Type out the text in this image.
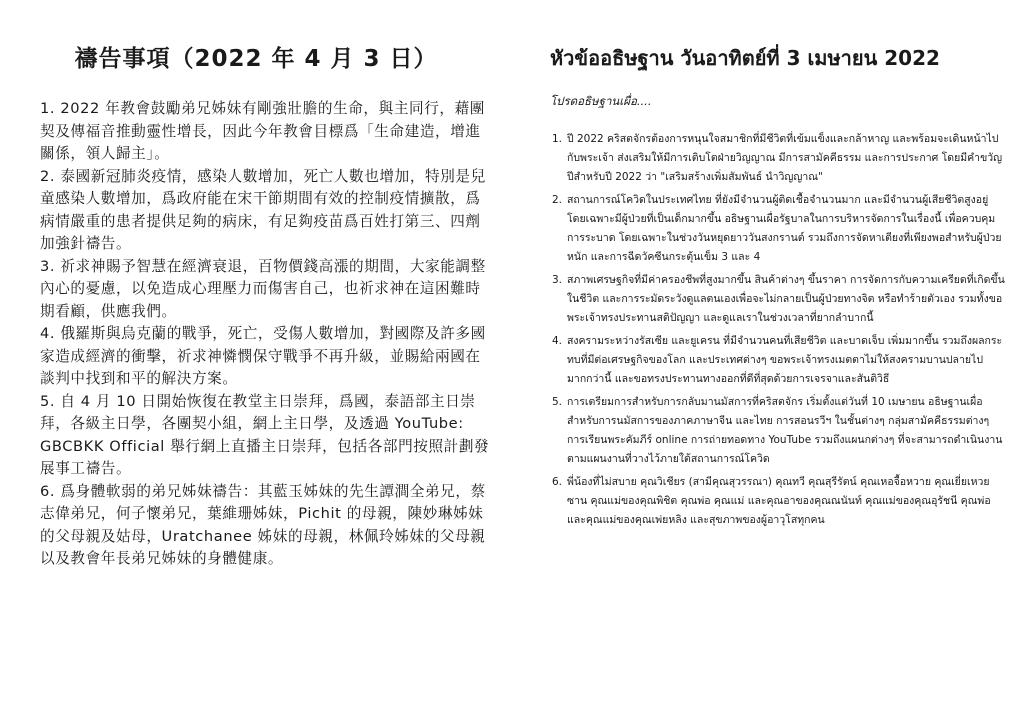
禱告事項（2022 年 4 月 3 日）

1. 2022 年教會鼓勵弟兄姊妹有剛強壯膽的生命，與主同行，藉團契及傳福音推動靈性增長，因此今年教會目標爲「生命建造，增進關係，領人歸主」。

2. 泰國新冠肺炎疫情，感染人數增加，死亡人數也增加，特別是兒童感染人數增加，爲政府能在宋干節期間有效的控制疫情擴散，爲病情嚴重的患者提供足夠的病床，有足夠疫苗爲百姓打第三、四劑加強針禱告。

3. 祈求神賜予智慧在經濟衰退，百物價錢高漲的期間，大家能調整內心的憂慮，以免造成心理壓力而傷害自己，也祈求神在這困難時期看顧，供應我們。

4. 俄羅斯與烏克蘭的戰爭，死亡，受傷人數增加，對國際及許多國家造成經濟的衝擊，祈求神憐憫保守戰爭不再升級，並賜給兩國在談判中找到和平的解決方案。

5. 自 4 月 10 日開始恢復在教堂主日崇拜，爲國，泰語部主日崇拜，各級主日學，各團契小組，網上主日學，及透過 YouTube: GBCBKK Official 舉行網上直播主日崇拜，包括各部門按照計劃發展事工禱告。

6. 爲身體軟弱的弟兄姊妹禱告：其藍玉姊妹的先生譚澗全弟兄，蔡志偉弟兄，何子懷弟兄，葉維珊姊妹，Pichit 的母親，陳妙琳姊妹的父母親及姑母，Uratchanee 姊妹的母親，林佩玲姊妹的父母親以及教會年長弟兄姊妹的身體健康。

หัวข้ออธิษฐาน วันอาทิตย์ที่ 3 เมษายน 2022
โปรดอธิษฐานเผื่อ....
1. ปี 2022 คริสตจักรต้องการหนุนใจสมาชิกที่มีชีวิตที่เข้มแข็งและกล้าหาญ และพร้อมจะเดินหน้าไปกับพระเจ้า ส่งเสริมให้มีการเติบโตฝ่ายวิญญาณ มีการสามัคคีธรรม และการประกาศ โดยมีคำขวัญปีสำหรับปี 2022 ว่า "เสริมสร้างเพิ่มสัมพันธ์ นำวิญญาณ"
2. สถานการณ์โควิดในประเทศไทย ที่ยังมีจำนวนผู้ติดเชื้อจำนวนมาก และมีจำนวนผู้เสียชีวิตสูงอยู่ โดยเฉพาะมีผู้ป่วยที่เป็นเด็กมากขึ้น อธิษฐานเผื่อรัฐบาลในการบริหารจัดการในเรื่องนี้ เพื่อควบคุมการระบาด โดยเฉพาะในช่วงวันหยุดยาววันสงกรานต์ รวมถึงการจัดหาเตียงที่เพียงพอสำหรับผู้ป่วยหนัก และการฉีดวัคซีนกระตุ้นเข็ม 3 และ 4
3. สภาพเศรษฐกิจที่มีค่าครองชีพที่สูงมากขึ้น สินค้าต่างๆ ขึ้นราคา การจัดการกับความเครียดที่เกิดขึ้นในชีวิต และการระมัดระวังดูแลตนเองเพื่อจะไม่กลายเป็นผู้ป่วยทางจิต หรือทำร้ายตัวเอง รวมทั้งขอพระเจ้าทรงประทานสติปัญญา และดูแลเราในช่วงเวลาที่ยากลำบากนี้
4. สงครามระหว่างรัสเซีย และยูเครน ที่มีจำนวนคนที่เสียชีวิต และบาดเจ็บ เพิ่มมากขึ้น รวมถึงผลกระทบที่มีต่อเศรษฐกิจของโลก และประเทศต่างๆ ขอพระเจ้าทรงเมตตาไม่ให้สงครามบานปลายไปมากกว่านี้ และขอทรงประทานทางออกที่ดีที่สุดด้วยการเจรจาและสันติวิธี
5. การเตรียมการสำหรับการกลับมานมัสการที่คริสตจักร เริ่มตั้งแต่วันที่ 10 เมษายน อธิษฐานเผื่อสำหรับการนมัสการของภาคภาษาจีน และไทย การสอนรวีฯ ในชั้นต่างๆ กลุ่มสามัคคีธรรมต่างๆ การเรียนพระคัมภีร์ online การถ่ายทอดทาง YouTube รวมถึงแผนกต่างๆ ที่จะสามารถดำเนินงานตามแผนงานที่วางไว้ภายใต้สถานการณ์โควิด
6. พี่น้องที่ไม่สบาย คุณวิเชียร (สามีคุณสุวรรณา) คุณทวี คุณสุรีรัตน์ คุณเหอจื้อหวาย คุณเยี่ยเหวยซาน คุณแม่ของคุณพิชิต คุณพ่อ คุณแม่ และคุณอาของคุณณนันท์ คุณแม่ของคุณอุรัชนี คุณพ่อ และคุณแม่ของคุณเพ่ยหลิง และสุขภาพของผู้อาวุโสทุกคน
